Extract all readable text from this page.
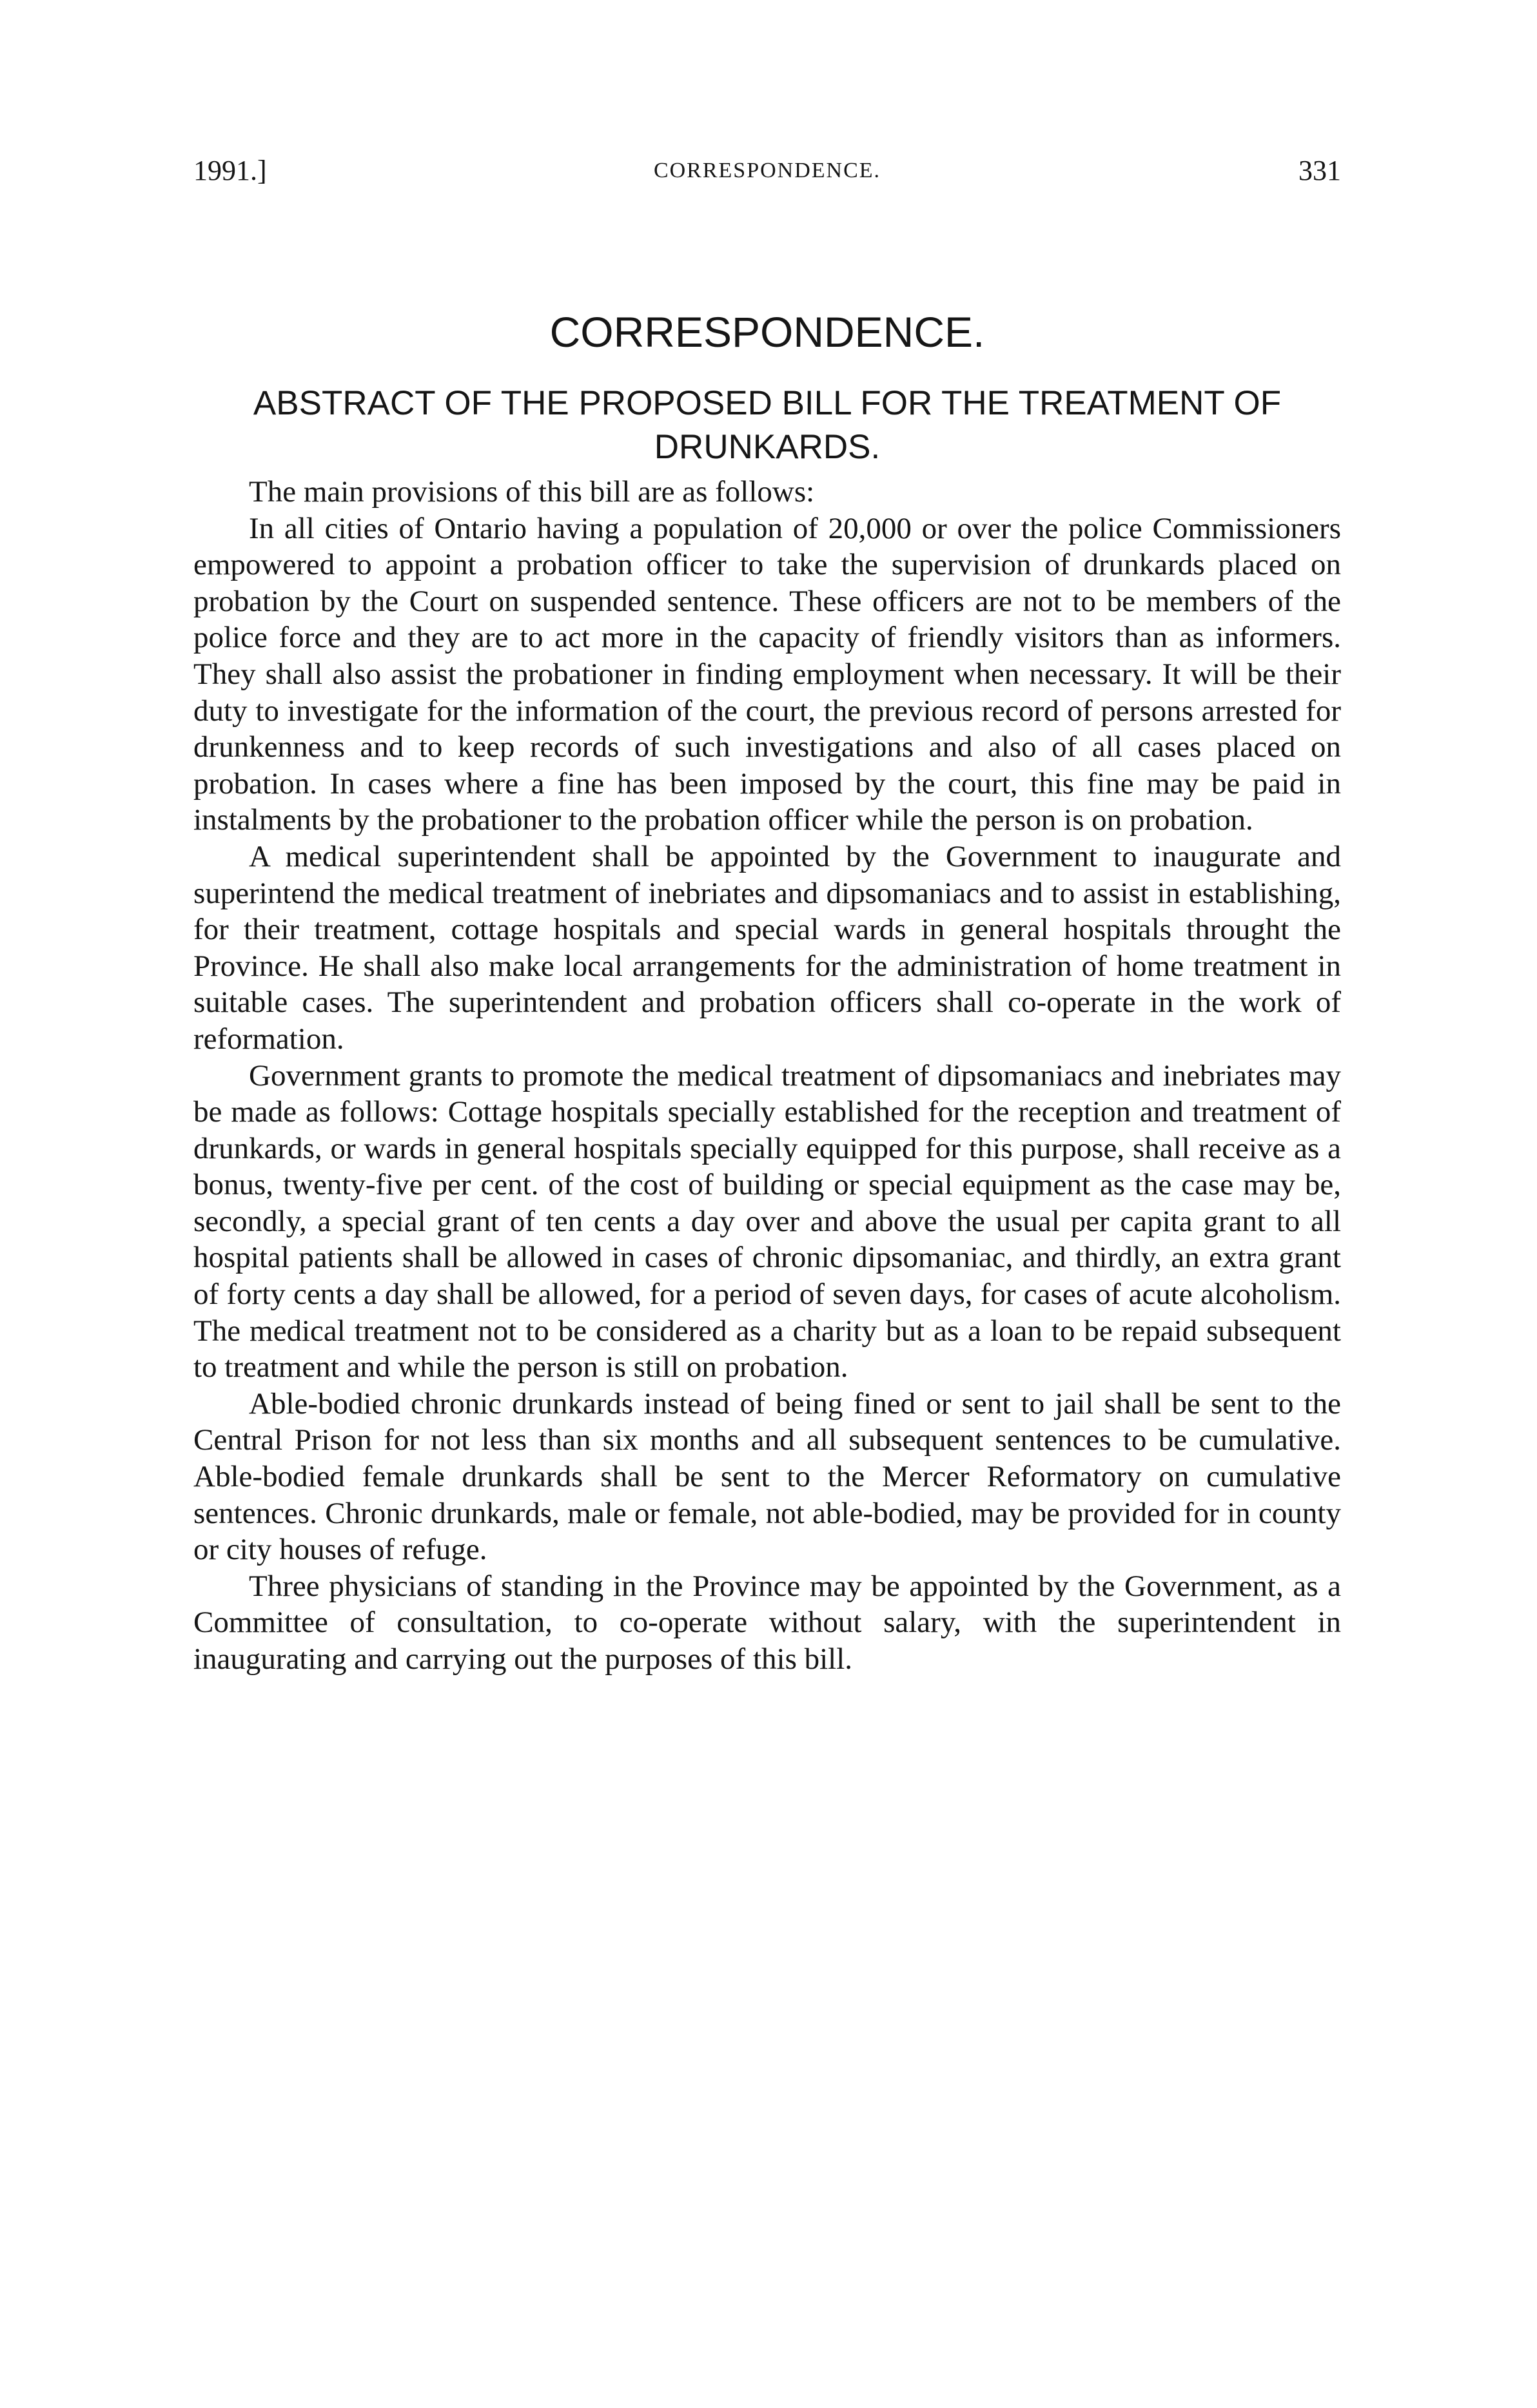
1991.]	CORRESPONDENCE.	331
CORRESPONDENCE.
ABSTRACT OF THE PROPOSED BILL FOR THE TREATMENT OF DRUNKARDS.

The main provisions of this bill are as follows:

In all cities of Ontario having a population of 20,000 or over the police Commissioners empowered to appoint a probation officer to take the supervision of drunkards placed on probation by the Court on suspended sentence. These officers are not to be members of the police force and they are to act more in the capacity of friendly visitors than as informers. They shall also assist the probationer in finding employment when necessary. It will be their duty to investigate for the information of the court, the previous record of persons arrested for drunkenness and to keep records of such investigations and also of all cases placed on probation. In cases where a fine has been imposed by the court, this fine may be paid in instalments by the probationer to the probation officer while the person is on probation.

A medical superintendent shall be appointed by the Government to inaugurate and superintend the medical treatment of inebriates and dipsomaniacs and to assist in establishing, for their treatment, cottage hospitals and special wards in general hospitals throught the Province. He shall also make local arrangements for the administration of home treatment in suitable cases. The superintendent and probation officers shall co-operate in the work of reformation.

Government grants to promote the medical treatment of dipsomaniacs and inebriates may be made as follows: Cottage hospitals specially established for the reception and treatment of drunkards, or wards in general hospitals specially equipped for this purpose, shall receive as a bonus, twenty-five per cent. of the cost of building or special equipment as the case may be, secondly, a special grant of ten cents a day over and above the usual per capita grant to all hospital patients shall be allowed in cases of chronic dipsomaniac, and thirdly, an extra grant of forty cents a day shall be allowed, for a period of seven days, for cases of acute alcoholism. The medical treatment not to be considered as a charity but as a loan to be repaid subsequent to treatment and while the person is still on probation.

Able-bodied chronic drunkards instead of being fined or sent to jail shall be sent to the Central Prison for not less than six months and all subsequent sentences to be cumulative. Able-bodied female drunkards shall be sent to the Mercer Reformatory on cumulative sentences. Chronic drunkards, male or female, not able-bodied, may be provided for in county or city houses of refuge.

Three physicians of standing in the Province may be appointed by the Government, as a Committee of consultation, to co-operate without salary, with the superintendent in inaugurating and carrying out the purposes of this bill.
